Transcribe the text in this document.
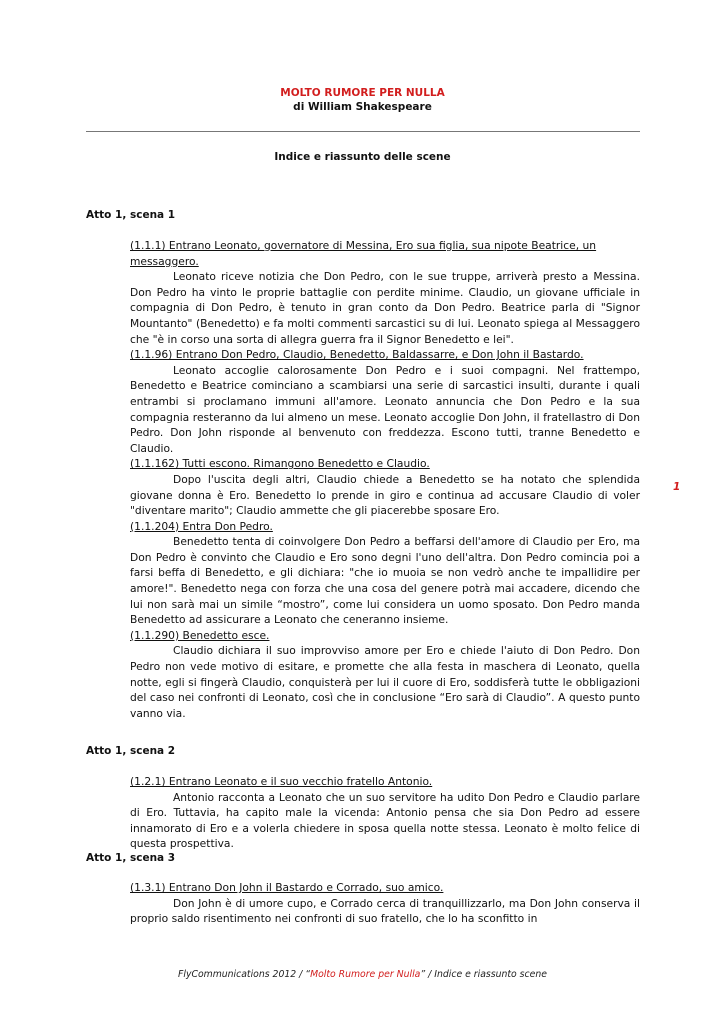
MOLTO RUMORE PER NULLA
di William Shakespeare
Indice e riassunto delle scene
Atto 1, scena 1

(1.1.1) Entrano Leonato, governatore di Messina, Ero sua figlia, sua nipote Beatrice, un messaggero.

Leonato riceve notizia che Don Pedro, con le sue truppe, arriverà presto a Messina. Don Pedro ha vinto le proprie battaglie con perdite minime. Claudio, un giovane ufficiale in compagnia di Don Pedro, è tenuto in gran conto da Don Pedro. Beatrice parla di "Signor Mountanto" (Benedetto) e fa molti commenti sarcastici su di lui. Leonato spiega al Messaggero che "è in corso una sorta di allegra guerra fra il Signor Benedetto e lei".

(1.1.96) Entrano Don Pedro, Claudio, Benedetto, Baldassarre, e Don John il Bastardo.

Leonato accoglie calorosamente Don Pedro e i suoi compagni. Nel frattempo, Benedetto e Beatrice cominciano a scambiarsi una serie di sarcastici insulti, durante i quali entrambi si proclamano immuni all'amore. Leonato annuncia che Don Pedro e la sua compagnia resteranno da lui almeno un mese. Leonato accoglie Don John, il fratellastro di Don Pedro. Don John risponde al benvenuto con freddezza. Escono tutti, tranne Benedetto e Claudio.

(1.1.162) Tutti escono. Rimangono Benedetto e Claudio.

Dopo l'uscita degli altri, Claudio chiede a Benedetto se ha notato che splendida giovane donna è Ero. Benedetto lo prende in giro e continua ad accusare Claudio di voler "diventare marito"; Claudio ammette che gli piacerebbe sposare Ero.

(1.1.204) Entra Don Pedro.

Benedetto tenta di coinvolgere Don Pedro a beffarsi dell'amore di Claudio per Ero, ma Don Pedro è convinto che Claudio e Ero sono degni l'uno dell'altra. Don Pedro comincia poi a farsi beffa di Benedetto, e gli dichiara: "che io muoia se non vedrò anche te impallidire per amore!". Benedetto nega con forza che una cosa del genere potrà mai accadere, dicendo che lui non sarà mai un simile “mostro”, come lui considera un uomo sposato. Don Pedro manda Benedetto ad assicurare a Leonato che ceneranno insieme.

(1.1.290) Benedetto esce.

Claudio dichiara il suo improvviso amore per Ero e chiede l'aiuto di Don Pedro. Don Pedro non vede motivo di esitare, e promette che alla festa in maschera di Leonato, quella notte, egli si fingerà Claudio, conquisterà per lui il cuore di Ero, soddisferà tutte le obbligazioni del caso nei confronti di Leonato, così che in conclusione “Ero sarà di Claudio”. A questo punto vanno via.

Atto 1, scena 2

(1.2.1) Entrano Leonato e il suo vecchio fratello Antonio.

Antonio racconta a Leonato che un suo servitore ha udito Don Pedro e Claudio parlare di Ero. Tuttavia, ha capito male la vicenda: Antonio pensa che sia Don Pedro ad essere innamorato di Ero e a volerla chiedere in sposa quella notte stessa. Leonato è molto felice di questa prospettiva.

Atto 1, scena 3

(1.3.1) Entrano Don John il Bastardo e Corrado, suo amico.

Don John è di umore cupo, e Corrado cerca di tranquillizzarlo, ma Don John conserva il proprio saldo risentimento nei confronti di suo fratello, che lo ha sconfitto in

1
FlyCommunications 2012 / “Molto Rumore per Nulla” / Indice e riassunto scene
